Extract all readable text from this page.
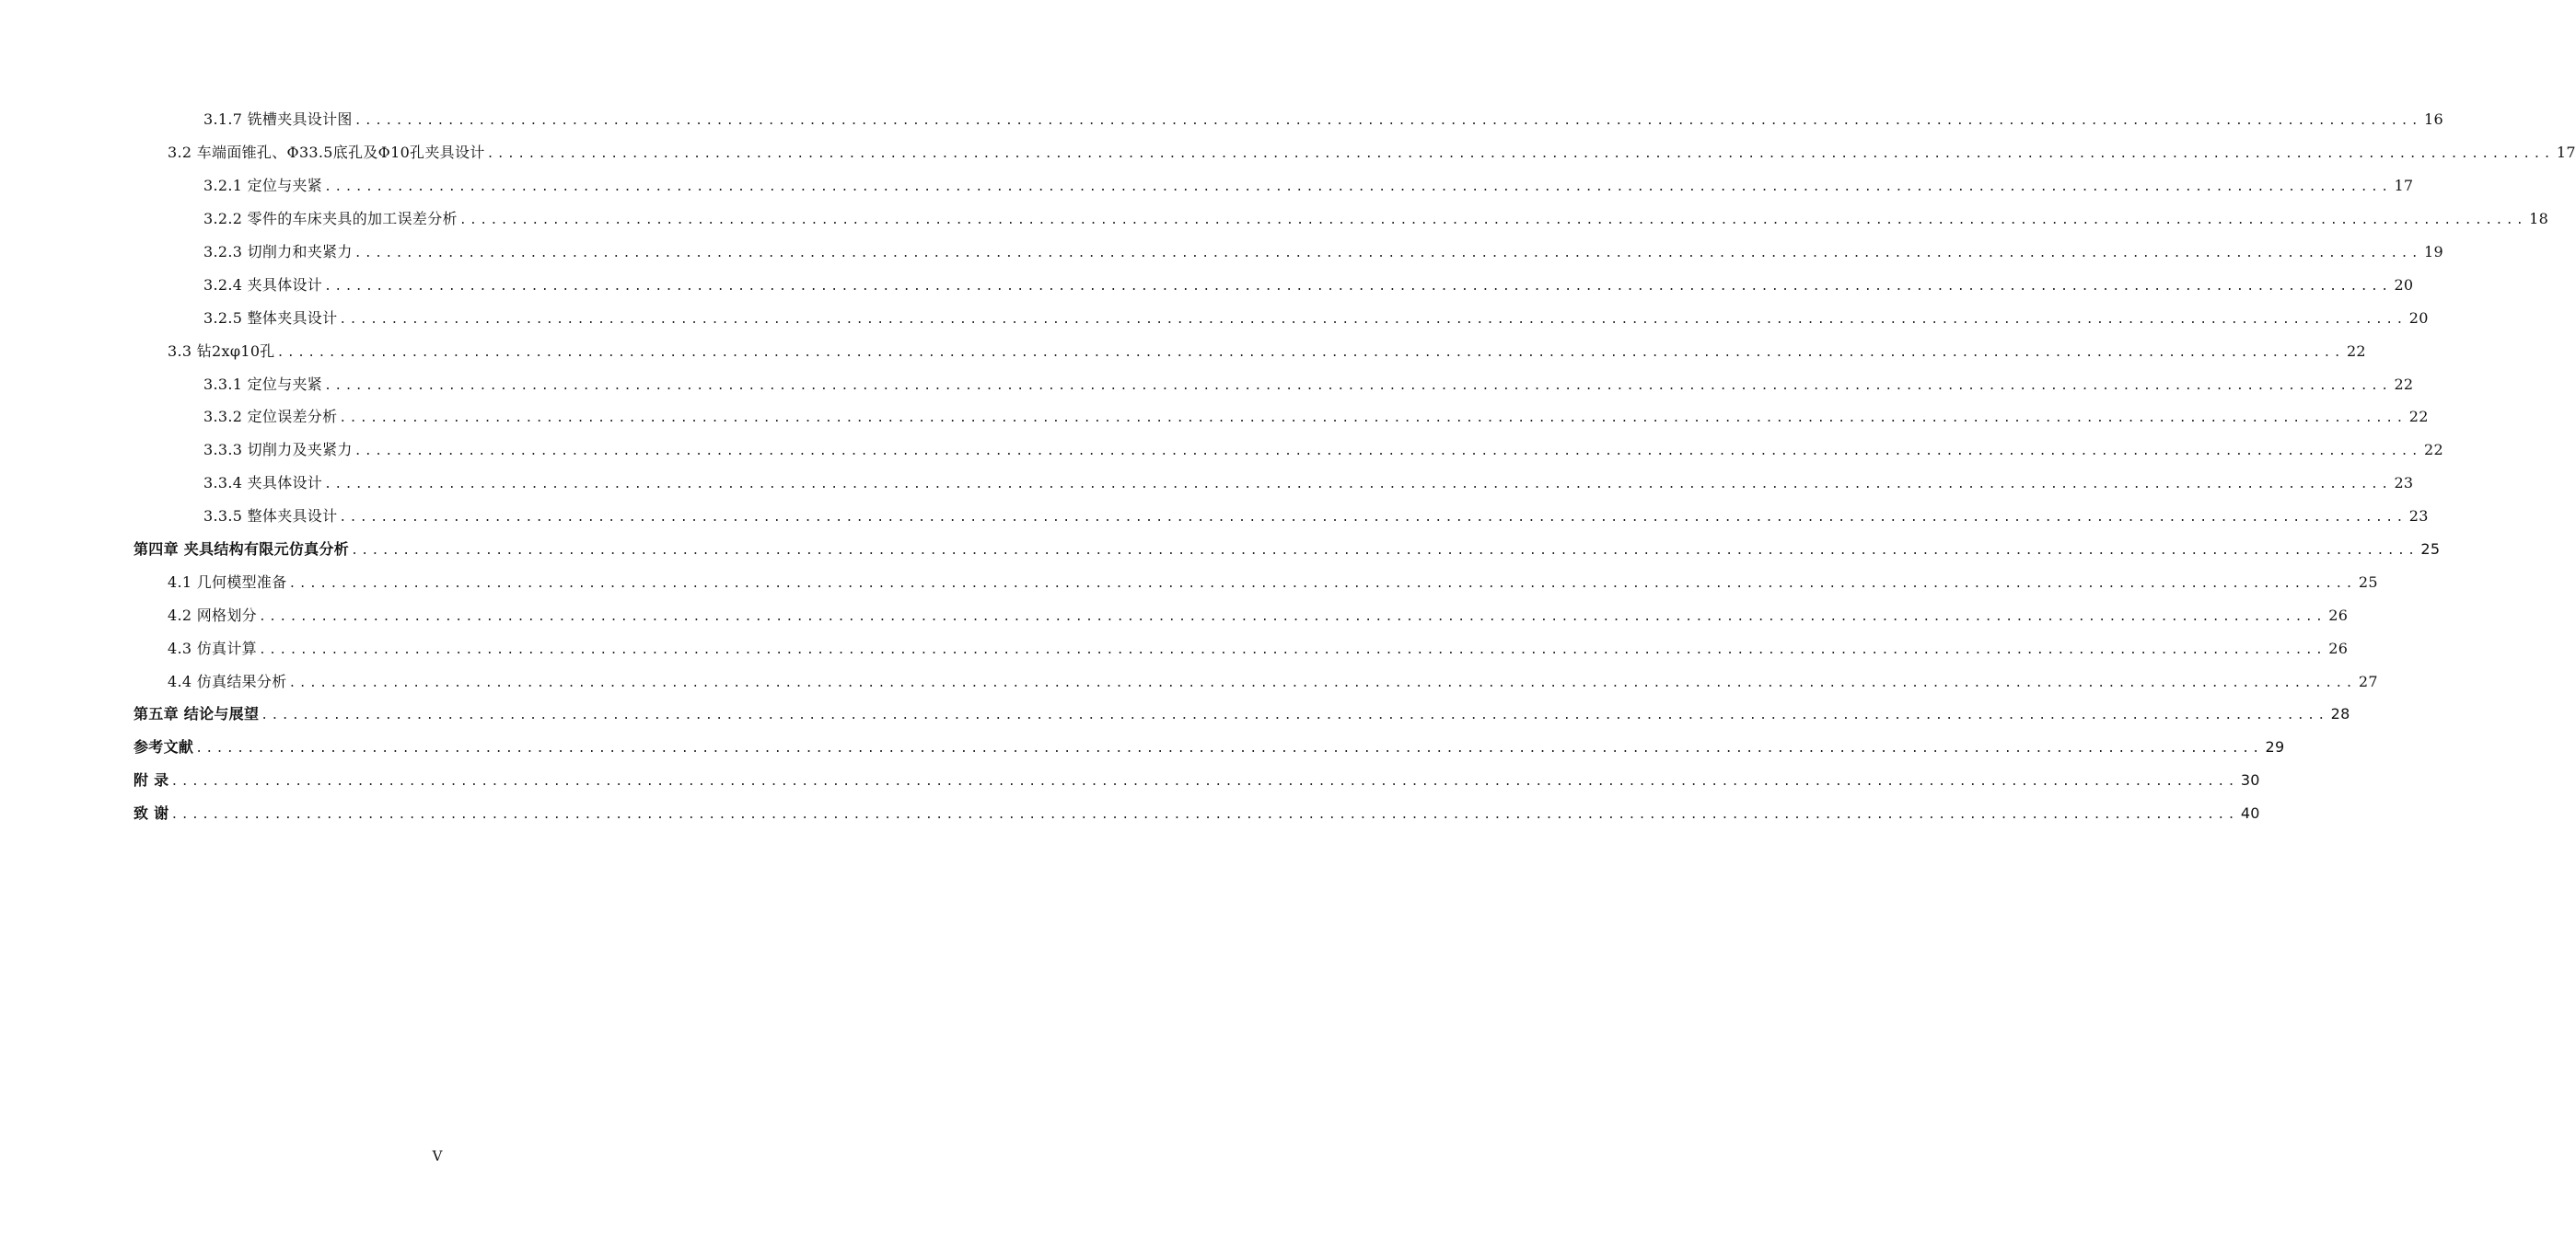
3.1.7 铣槽夹具设计图 ........................................................................................................................................................................................................ 16
3.2 车端面锥孔、Φ33.5底孔及Φ10孔夹具设计 ........................................................................................................................................................................................................ 17
3.2.1 定位与夹紧 ........................................................................................................................................................................................................ 17
3.2.2 零件的车床夹具的加工误差分析 ........................................................................................................................................................................................................ 18
3.2.3 切削力和夹紧力 ........................................................................................................................................................................................................ 19
3.2.4 夹具体设计 ........................................................................................................................................................................................................ 20
3.2.5 整体夹具设计 ........................................................................................................................................................................................................ 20
3.3 钻2xφ10孔 ........................................................................................................................................................................................................ 22
3.3.1 定位与夹紧 ........................................................................................................................................................................................................ 22
3.3.2 定位误差分析 ........................................................................................................................................................................................................ 22
3.3.3 切削力及夹紧力 ........................................................................................................................................................................................................ 22
3.3.4 夹具体设计 ........................................................................................................................................................................................................ 23
3.3.5 整体夹具设计 ........................................................................................................................................................................................................ 23
第四章 夹具结构有限元仿真分析 ........................................................................................................................................................................................................ 25
4.1 几何模型准备 ........................................................................................................................................................................................................ 25
4.2 网格划分 ........................................................................................................................................................................................................ 26
4.3 仿真计算 ........................................................................................................................................................................................................ 26
4.4 仿真结果分析 ........................................................................................................................................................................................................ 27
第五章 结论与展望 ........................................................................................................................................................................................................ 28
参考文献 ........................................................................................................................................................................................................ 29
附 录 ........................................................................................................................................................................................................ 30
致 谢 ........................................................................................................................................................................................................ 40
V
